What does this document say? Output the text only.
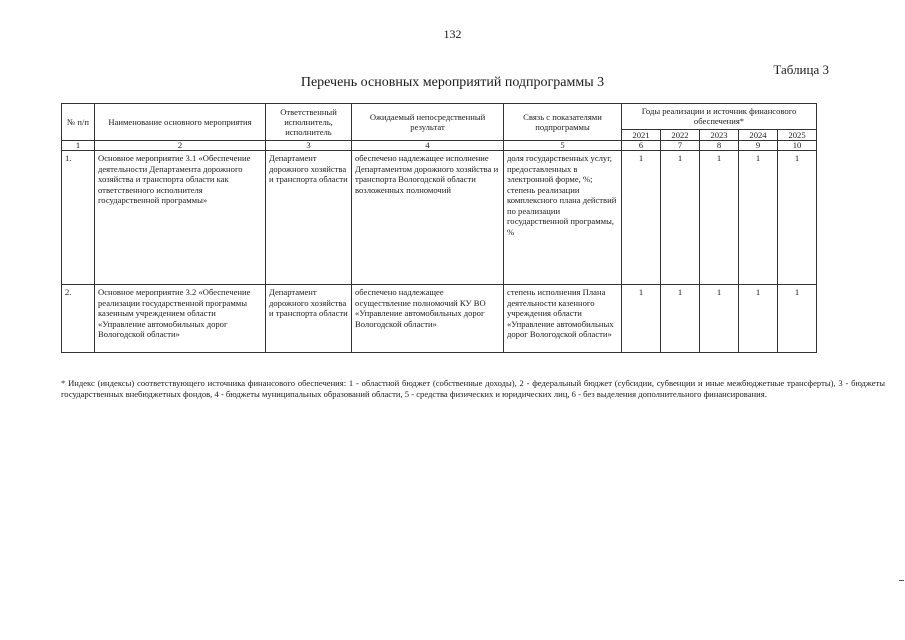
132
Таблица 3
Перечень основных мероприятий подпрограммы 3
№ п/п	Наименование основного мероприятия	Ответственный исполнитель, исполнитель	Ожидаемый непосредственный результат	Связь с показателями подпрограммы	Годы реализации и источник финансового обеспечения*				
					2021	2022	2023	2024	2025
1	2	3	4	5	6	7	8	9	10
1.	Основное мероприятие 3.1 «Обеспечение деятельности Департамента дорожного хозяйства и транспорта области как ответственного исполнителя государственной программы»	Департамент дорожного хозяйства и транспорта области	обеспечено надлежащее исполнение Департаментом дорожного хозяйства и транспорта Вологодской области возложенных полномочий	доля государственных услуг, предоставленных в электронной форме, %; степень реализации комплексного плана действий по реализации государственной программы, %	1	1	1	1	1
2.	Основное мероприятие 3.2 «Обеспечение реализации государственной программы казенным учреждением области «Управление автомобильных дорог Вологодской области»	Департамент дорожного хозяйства и транспорта области	обеспечено надлежащее осуществление полномочий КУ ВО «Управление автомобильных дорог Вологодской области»	степень исполнения Плана деятельности казенного учреждения области «Управление автомобильных дорог Вологодской области»	1	1	1	1	1
* Индекс (индексы) соответствующего источника финансового обеспечения: 1 - областной бюджет (собственные доходы), 2 - федеральный бюджет (субсидии, субвенции и иные межбюджетные трансферты), 3 - бюджеты государственных внебюджетных фондов, 4 - бюджеты муниципальных образований области, 5 - средства физических и юридических лиц, 6 - без выделения дополнительного финансирования.
